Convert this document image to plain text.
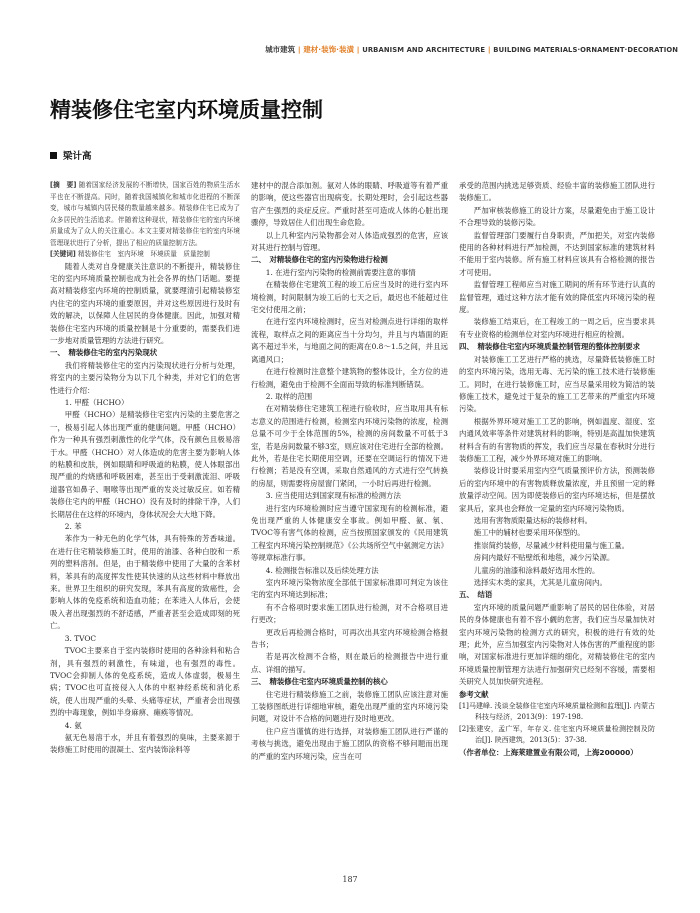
城市建筑 | 建材·装饰·装潢 | URBANISM AND ARCHITECTURE | BUILDING MATERIALS·ORNAMENT·DECORATION
精装修住宅室内环境质量控制
梁计高

[摘　要] 随着国家经济发展的不断增快，国家百姓的物质生活水平也在不断提高。同时，随着我国城镇化和城市化进程的不断深变，城市与城镇内居民楼的数量越来越多。精装修住宅已成为了众多居民的生活追求。伴随着这种现状，精装修住宅的室内环境质量成为了众人的关注重心。本文主要对精装修住宅的室内环境管理现状进行了分析，提出了相应的质量控制方法。

[关键词] 精装修住宅　室内环境　环境质量　质量控制

随着人类对自身健康关注意识的不断提升，精装修住宅的室内环境质量控制也成为社会各界的热门话题。要提高对精装修室内环境的控制质量，就要理清引起精装修室内住宅的室内环境的重要原因，并对这些原因进行及时有效的解决，以保障人住居民的身体健康。因此，加强对精装修住宅室内环境的质量控制是十分重要的，需要我们进一步地对质量管理的方法进行研究。

一、　精装修住宅的室内污染现状

我们将精装修住宅的室内污染现状进行分析与处理，将室内的主要污染物分为以下几个种类，并对它们的危害性进行介绍：

1. 甲醛（HCHO）

甲醛（HCHO）是精装修住宅室内污染的主要危害之一，极易引起人体出现严重的健康问题。甲醛（HCHO）作为一种具有强烈刺激性的化学气体，没有颜色且极易溶于水。甲醛（HCHO）对人体造成的危害主要为影响人体的粘膜和皮肤，例如眼睛和呼吸道的粘膜，使人体眼部出现严重的灼烧感和呼吸困难，甚至出于受刺激流泪、呼吸道器官如鼻子、咽喉等出现严重的发炎过敏反应。如若精装修住宅内的甲醛（HCHO）没有及时的排除干净，人们长期居住在这样的环境内，身体状况会大大地下降。

2. 苯

苯作为一种无色的化学气体，具有特殊的芳香味道。在进行住宅精装修施工时，使用的油漆、各种白胶和一系列的塑料溶剂。但是，由于精装修中使用了大量的含苯材料，苯具有的高度挥发性使其快速的从这些材料中释放出来。世界卫生组织的研究发现，苯具有高度的致癌性，会影响人体的免疫系统和造血功能；在苯进入人体后，会使吸入者出现强烈的不舒适感，严重者甚至会造成即刻的死亡。

3. TVOC

TVOC主要来自于室内装修时使用的各种涂料和粘合剂，具有强烈的刺激性，有味道，也有强烈的毒性。TVOC会抑制人体的免疫系统，造成人体虚弱，极易生病；TVOC也可直接侵入人体的中枢神经系统和消化系统，使人出现严重的头晕、头痛等症状，严重者会出现强烈的中毒现象，例如半身麻痹、瘫痪等情况。

4. 氨

氨无色易溶于水，并且有着强烈的臭味，主要来源于装修施工时使用的混凝土、室内装饰涂料等

建材中的混合添加剂。氨对人体的眼睛、呼吸道等有着严重的影响，使这些器官出现病变。长期处理时，会引起这些器官产生强烈的炎症反应。严重时甚至可造成人体的心脏出现骤停，导致居住人们出现生命危险。

以上几种室内污染物都会对人体造成强烈的危害，应该对其进行控制与管理。

二、　对精装修住宅的室内污染物进行检测

1. 在进行室内污染物的检测前需要注意的事情

在精装修住宅建筑工程的竣工后应当及时的进行室内环境检测，时间限制为竣工后的七天之后，最迟也不能超过住宅交付使用之前；

在进行室内环境检测时，应当对检测点进行详细的取样流程，取样点之间的距离应当十分均匀，并且与内墙面的距离不超过半米，与地面之间的距离在0.8～1.5之间，并且远离通风口；

在进行检测时注意整个建筑物的整体设计，全方位的进行检测，避免由于检测不全面而导致的标准判断错误。

2. 取样的范围

在对精装修住宅建筑工程进行验收时，应当取用具有标志意义的范围进行检测，检测室内环境污染物的浓度，检测总量不可少于全体范围的5%，检测的房间数量不可低于3室，若是房间数量不够3室，则应该对住宅进行全部的检测。此外，若是住宅长期使用空调，还要在空调运行的情况下进行检测；若是没有空调，采取自然通风的方式进行空气转换的房屋，则需要将房屋窗门紧闭，一小时后再进行检测。

3. 应当使用达到国家现有标准的检测方法

进行室内环境检测时应当遵守国家现有的检测标准，避免出现严重的人体健康安全事故。例如甲醛、氨、氡、TVOC等有害气体的检测，应当按照国家颁发的《民用建筑工程室内环境污染控制规范》《公共场所空气中氨测定方法》等规章标准行事。

4. 检测报告标准以及后续处理方法

室内环境污染物浓度全部低于国家标准即可判定为该住宅的室内环境达到标准；

有不合格项时要求施工团队进行检测，对不合格项目进行更改；

更改后再检测合格时，可再次出具室内环境检测合格报告书；

若是再次检测不合格，则在最后的检测报告中进行重点、详细的描写。

三、　精装修住宅室内环境质量控制的核心

住宅进行精装修施工之前，装修施工团队应该注意对施工装修图纸进行详细地审核，避免出现严重的室内环境污染问题，对设计不合格的问题进行及时地更改。

住户应当谨慎的进行选择，对装修施工团队进行严谨的考核与挑选，避免出现由于施工团队的资格不够问题而出现的严重的室内环境污染，应当在可

承受的范围内挑选足够资质、经验丰富的装修施工团队进行装修施工。

严加审核装修施工的设计方案，尽量避免由于施工设计不合理导致的装修污染。

监督管理部门要履行自身职责，严加把关，对室内装修使用的各种材料进行严加检测，不达到国家标准的建筑材料不能用于室内装修。所有施工材料应该具有合格检测的报告才可使用。

监督管理工程师应当对施工期间的所有环节进行认真的监督管理，通过这种方法才能有效的降低室内环境污染的程度。

装修施工结束后，在工程竣工的一周之后，应当要求具有专业资格的检测单位对室内环境进行相应的检测。

四、　精装修住宅室内环境质量控制管理的整体控制要求

对装修施工工艺进行严格的挑选，尽量降低装修施工时的室内环境污染，选用无毒、无污染的施工技术进行装修施工。同时，在进行装修施工时，应当尽量采用较为简洁的装修施工技术，避免过于复杂的施工工艺带来的严重室内环境污染。

根据外界环境对施工工艺的影响，例如温度、湿度、室内通风效率等条件对建筑材料的影响，特别是高温加快建筑材料含有的有害物质的挥发，我们应当尽量在春秋时分进行装修施工工程，减少外界环境对施工的影响。

装修设计时要采用室内空气质量预评价方法，预测装修后的室内环境中的有害物质释放量浓度，并且预留一定的释放量浮动空间。因为即使装修后的室内环境达标，但是摆放家具后，家具也会释放一定量的室内环境污染物质。

选用有害物质限量达标的装修材料。

施工中的辅材也要采用环保型的。

推崇简约装修，尽量减少材料使用量与施工量。

房间内最好不贴壁纸和地毯，减少污染源。

儿童房的油漆和涂料最好选用水性的。

选择实木类的家具，尤其是儿童房间内。

五、　结语

室内环境的质量问题严重影响了居民的居住体验，对居民的身体健康也有着不容小觑的危害，我们应当尽量加快对室内环境污染物的检测方式的研究，积极的进行有效的处理；此外，应当加强室内污染物对人体伤害的严重程度的影响，对国家标准进行更加详细的细化，对精装修住宅的室内环境质量控制管理方法进行加强研究已经刻不容缓，需要相关研究人员加快研究进程。

参考文献

[1]马建峰. 浅谈全装修住宅室内环境质量检测和监理[J]. 内蒙古科技与经济，2013(9)：197-198.

[2]张建安，孟广军，年存义. 住宅室内环境质量检测控制及防治[J]. 陕西建筑，2013(5)：37-38.

（作者单位：上海莱建置业有限公司，上海200000）

187
